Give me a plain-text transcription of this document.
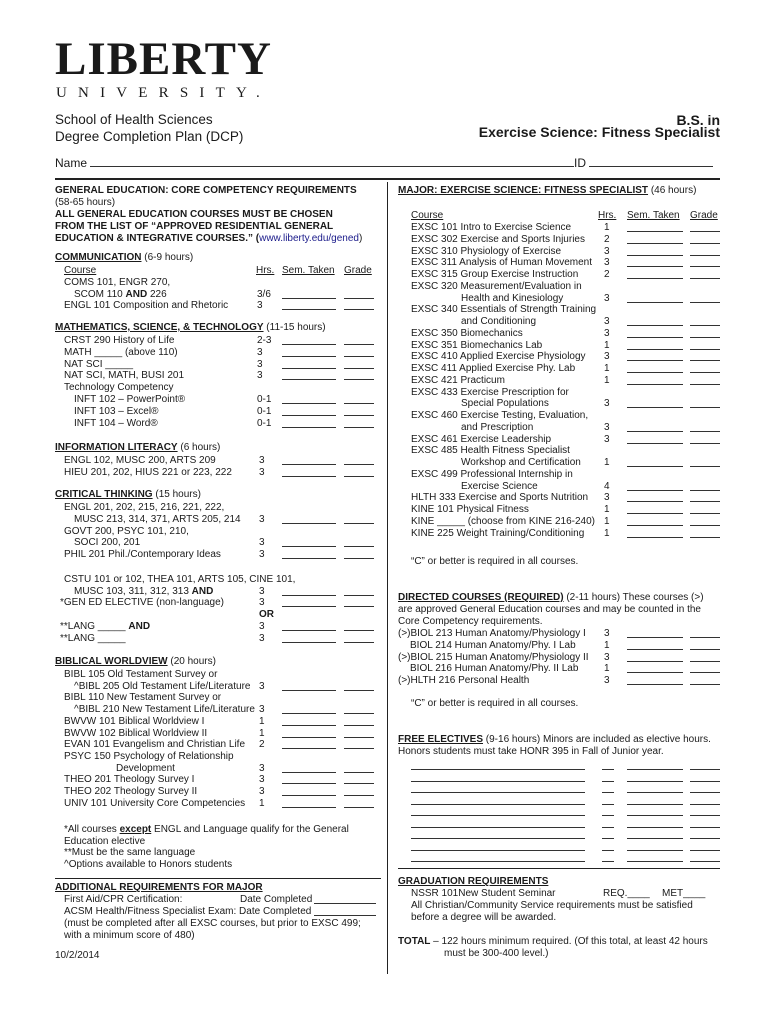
LIBERTY
UNIVERSITY.
School of Health Sciences
Degree Completion Plan (DCP)
B.S. in
Exercise Science: Fitness Specialist
Name	ID
GENERAL EDUCATION: CORE COMPETENCY REQUIREMENTS
(58-65 hours)
ALL GENERAL EDUCATION COURSES MUST BE CHOSEN
FROM THE LIST OF “APPROVED RESIDENTIAL GENERAL
EDUCATION & INTEGRATIVE COURSES.” (www.liberty.edu/gened)
COMMUNICATION (6-9 hours)
Course	Hrs. Sem. Taken Grade
COMS 101, ENGR 270,
SCOM 110 AND 226	3/6
ENGL 101 Composition and Rhetoric	3
MATHEMATICS, SCIENCE, & TECHNOLOGY (11-15 hours)
CRST 290 History of Life	2-3
MATH _____ (above 110)	3
NAT SCI _____	3
NAT SCI, MATH, BUSI 201	3
Technology Competency
INFT 102 – PowerPoint®	0-1
INFT 103 – Excel®	0-1
INFT 104 – Word®	0-1
INFORMATION LITERACY (6 hours)
ENGL 102, MUSC 200, ARTS 209	3
HIEU 201, 202, HIUS 221 or 223, 222	3
CRITICAL THINKING (15 hours)
ENGL 201, 202, 215, 216, 221, 222,
MUSC 213, 314, 371, ARTS 205, 214 3
GOVT 200, PSYC 101, 210,
SOCI 200, 201	3
PHIL 201 Phil./Contemporary Ideas	3
CSTU 101 or 102, THEA 101, ARTS 105, CINE 101,
MUSC 103, 311, 312, 313 AND	3
*GEN ED ELECTIVE (non-language)	3
OR
**LANG _____ AND	3
**LANG _____	3
BIBLICAL WORLDVIEW (20 hours)
BIBL 105 Old Testament Survey or
^BIBL 205 Old Testament Life/Literature 3
BIBL 110 New Testament Survey or
^BIBL 210 New Testament Life/Literature 3
BWVW 101 Biblical Worldview I	1
BWVW 102 Biblical Worldview II	1
EVAN 101 Evangelism and Christian Life 2
PSYC 150 Psychology of Relationship
Development	3
THEO 201 Theology Survey I	3
THEO 202 Theology Survey II	3
UNIV 101 University Core Competencies 1
*All courses except ENGL and Language qualify for the General
Education elective
**Must be the same language
^Options available to Honors students
ADDITIONAL REQUIREMENTS FOR MAJOR
First Aid/CPR Certification:	Date Completed
ACSM Health/Fitness Specialist Exam: Date Completed
(must be completed after all EXSC courses, but prior to EXSC 499;
with a minimum score of 480)
10/2/2014
MAJOR: EXERCISE SCIENCE: FITNESS SPECIALIST (46 hours)
Course	Hrs. Sem. Taken Grade
EXSC 101 Intro to Exercise Science	1
EXSC 302 Exercise and Sports Injuries 2
EXSC 310 Physiology of Exercise	3
EXSC 311 Analysis of Human Movement 3
EXSC 315 Group Exercise Instruction	2
EXSC 320 Measurement/Evaluation in
Health and Kinesiology	3
EXSC 340 Essentials of Strength Training
and Conditioning	3
EXSC 350 Biomechanics	3
EXSC 351 Biomechanics Lab	1
EXSC 410 Applied Exercise Physiology 3
EXSC 411 Applied Exercise Phy. Lab	1
EXSC 421 Practicum	1
EXSC 433 Exercise Prescription for
Special Populations	3
EXSC 460 Exercise Testing, Evaluation,
and Prescription	3
EXSC 461 Exercise Leadership	3
EXSC 485 Health Fitness Specialist
Workshop and Certification 1
EXSC 499 Professional Internship in
Exercise Science	4
HLTH 333 Exercise and Sports Nutrition 3
KINE 101 Physical Fitness	1
KINE _____ (choose from KINE 216-240) 1
KINE 225 Weight Training/Conditioning 1
“C” or better is required in all courses.
DIRECTED COURSES (REQUIRED) (2-11 hours) These courses (>)
are approved General Education courses and may be counted in the
Core Competency requirements.
(>)BIOL 213 Human Anatomy/Physiology I 3
BIOL 214 Human Anatomy/Phy. I Lab	1
(>)BIOL 215 Human Anatomy/Physiology II 3
BIOL 216 Human Anatomy/Phy. II Lab	1
(>)HLTH 216 Personal Health	3
“C” or better is required in all courses.
FREE ELECTIVES (9-16 hours) Minors are included as elective hours.
Honors students must take HONR 395 in Fall of Junior year.
GRADUATION REQUIREMENTS
NSSR 101New Student Seminar	REQ.____ MET____
All Christian/Community Service requirements must be satisfied
before a degree will be awarded.
TOTAL – 122 hours minimum required. (Of this total, at least 42 hours
must be 300-400 level.)
